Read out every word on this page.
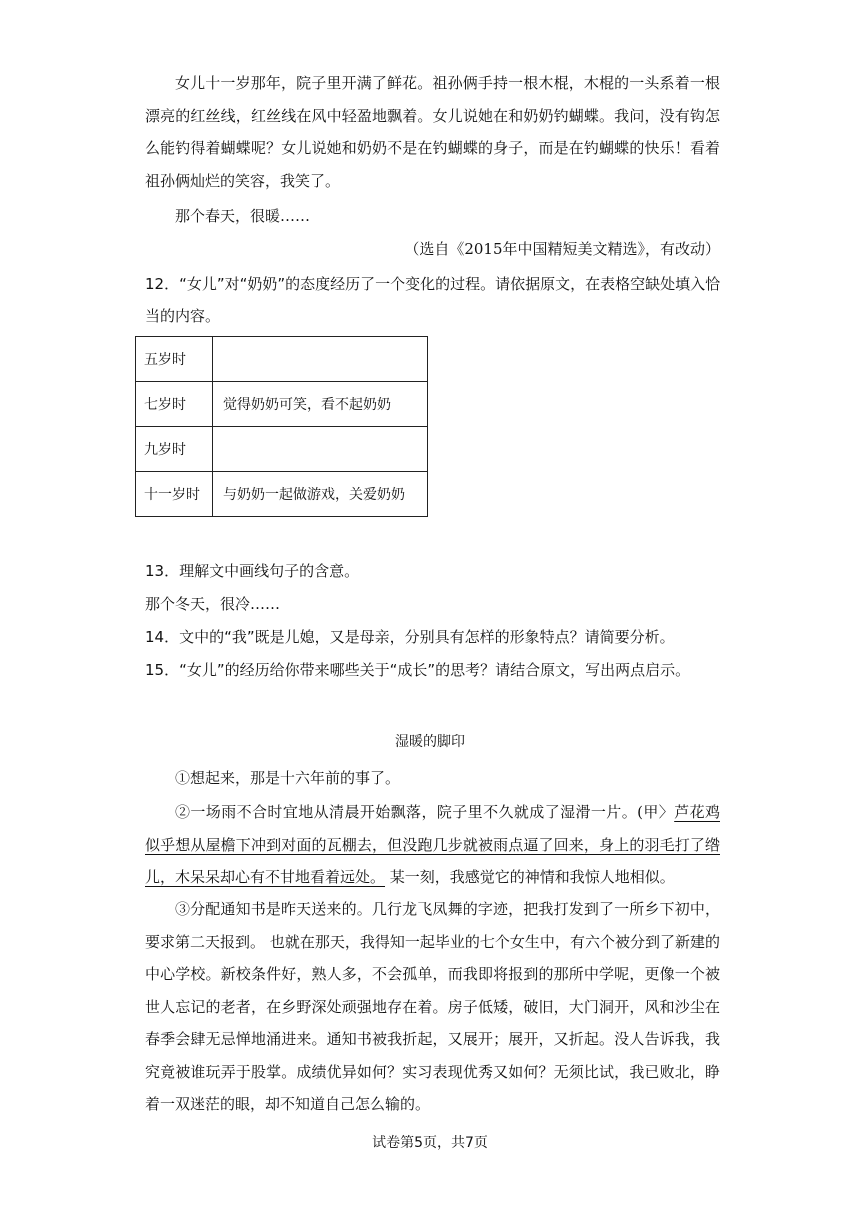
女儿十一岁那年，院子里开满了鲜花。祖孙俩手持一根木棍，木棍的一头系着一根漂亮的红丝线，红丝线在风中轻盈地飘着。女儿说她在和奶奶钓蝴蝶。我问，没有钩怎么能钓得着蝴蝶呢？女儿说她和奶奶不是在钓蝴蝶的身子，而是在钓蝴蝶的快乐！看着祖孙俩灿烂的笑容，我笑了。

那个春天，很暖……

（选自《2015年中国精短美文精选》，有改动）

12．“女儿”对“奶奶”的态度经历了一个变化的过程。请依据原文，在表格空缺处填入恰当的内容。

五岁时	
七岁时	觉得奶奶可笑，看不起奶奶
九岁时	
十一岁时	与奶奶一起做游戏，关爱奶奶

13．理解文中画线句子的含意。

那个冬天，很冷……

14．文中的“我”既是儿媳，又是母亲，分别具有怎样的形象特点？请简要分析。

15．“女儿”的经历给你带来哪些关于“成长”的思考？请结合原文，写出两点启示。

湿暖的脚印

①想起来，那是十六年前的事了。

②一场雨不合时宜地从清晨开始飘落，院子里不久就成了湿滑一片。(甲〉芦花鸡似乎想从屋檐下冲到对面的瓦棚去，但没跑几步就被雨点逼了回来，身上的羽毛打了绺儿，木呆呆却心有不甘地看着远处。 某一刻，我感觉它的神情和我惊人地相似。

③分配通知书是昨天送来的。几行龙飞凤舞的字迹，把我打发到了一所乡下初中，要求第二天报到。 也就在那天，我得知一起毕业的七个女生中，有六个被分到了新建的中心学校。新校条件好，熟人多，不会孤单，而我即将报到的那所中学呢，更像一个被世人忘记的老者，在乡野深处顽强地存在着。房子低矮，破旧，大门洞开，风和沙尘在春季会肆无忌惮地涌进来。通知书被我折起，又展开；展开，又折起。没人告诉我，我究竟被谁玩弄于股掌。成绩优异如何？实习表现优秀又如何？无须比试，我已败北，睁着一双迷茫的眼，却不知道自己怎么输的。

试卷第5页，共7页
